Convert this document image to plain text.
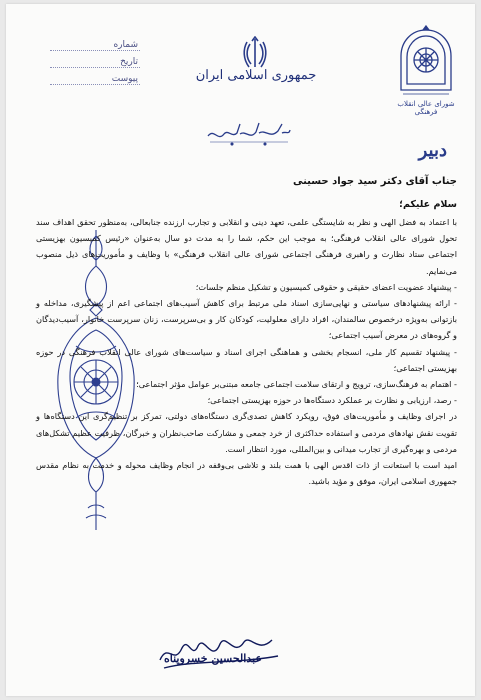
شماره
تاریخ
پیوست	جمهوری اسلامی ایران
شورای عالی انقلاب فرهنگی
دبیر
جناب آقای دکتر سید جواد حسینی
سلام علیکم؛

با اعتماد به فضل الهی و نظر به شایستگی علمی، تعهد دینی و انقلابی و تجارب ارزنده جنابعالی، به‌منظور تحقق اهداف سند تحول شورای عالی انقلاب فرهنگی؛ به موجب این حکم، شما را به مدت دو سال به‌عنوان «رئیس کمیسیون بهزیستی اجتماعی ستاد نظارت و راهبری فرهنگی اجتماعی شورای عالی انقلاب فرهنگی» با وظایف و مأموریت‌های ذیل منصوب می‌نمایم.

- پیشنهاد عضویت اعضای حقیقی و حقوقی کمیسیون و تشکیل منظم جلسات؛

- ارائه پیشنهادهای سیاستی و نهایی‌سازی اسناد ملی مرتبط برای کاهش آسیب‌های اجتماعی اعم از پیشگیری، مداخله و بازتوانی به‌ویژه درخصوص سالمندان، افراد دارای معلولیت، کودکان کار و بی‌سرپرست، زنان سرپرست خانوار، آسیب‌دیدگان و گروه‌های در معرض آسیب اجتماعی؛

- پیشنهاد تقسیم کار ملی، انسجام بخشی و هماهنگی اجرای اسناد و سیاست‌های شورای عالی انقلاب فرهنگی در حوزه بهزیستی اجتماعی؛

- اهتمام به فرهنگ‌سازی، ترویج و ارتقای سلامت اجتماعی جامعه مبتنی‌بر عوامل مؤثر اجتماعی؛

- رصد، ارزیابی و نظارت بر عملکرد دستگاه‌ها در حوزه بهزیستی اجتماعی؛

در اجرای وظایف و مأموریت‌های فوق، رویکرد کاهش تصدی‌گری دستگاه‌های دولتی، تمرکز بر تنظیم‌گری این دستگاه‌ها و تقویت نقش نهادهای مردمی و استفاده حداکثری از خرد جمعی و مشارکت صاحب‌نظران و خبرگان، ظرفیت عظیم تشکل‌های مردمی و بهره‌گیری از تجارب میدانی و بین‌المللی، مورد انتظار است.

امید است با استعانت از ذات اقدس الهی با همت بلند و تلاشی بی‌وقفه در انجام وظایف محوله و خدمت به نظام مقدس جمهوری اسلامی ایران، موفق و مؤید باشید.

عبدالحسین خسروپناه
